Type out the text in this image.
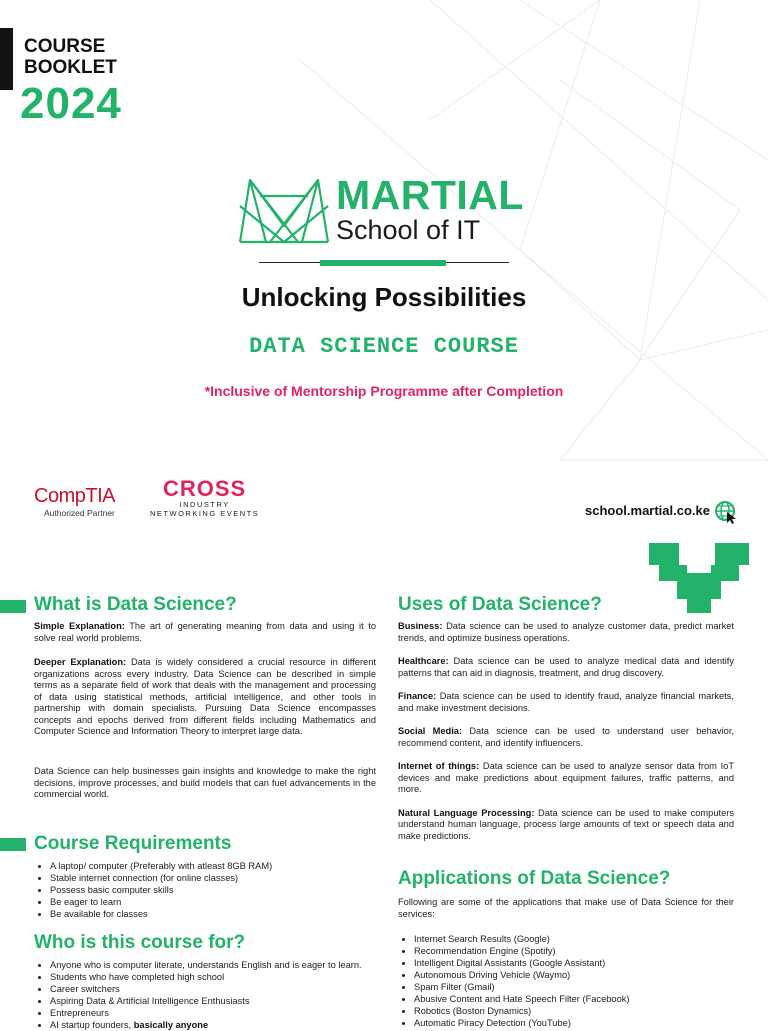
COURSE
BOOKLET
2024
MARTIAL
School of IT
Unlocking Possibilities
DATA SCIENCE COURSE
*Inclusive of Mentorship Programme after Completion
CompTIA
Authorized Partner
CROSS
INDUSTRY
NETWORKING EVENTS	school.martial.co.ke
What is Data Science?
Simple Explanation: The art of generating meaning from data and using it to solve real world problems.
Deeper Explanation: Data is widely considered a crucial resource in different organizations across every industry. Data Science can be described in simple terms as a separate field of work that deals with the management and processing of data using statistical methods, artificial intelligence, and other tools in partnership with domain specialists. Pursuing Data Science encompasses concepts and epochs derived from different fields including Mathematics and Computer Science and Information Theory to interpret large data.
Data Science can help businesses gain insights and knowledge to make the right decisions, improve processes, and build models that can fuel advancements in the commercial world.
Course Requirements
• A laptop/ computer (Preferably with atleast 8GB RAM)
• Stable internet connection (for online classes)
• Possess basic computer skills
• Be eager to learn
• Be available for classes
Who is this course for?
• Anyone who is computer literate, understands English and is eager to learn.
• Students who have completed high school
• Career switchers
• Aspiring Data & Artificial Intelligence Enthusiasts
• Entrepreneurs
• AI startup founders, basically anyone
Uses of Data Science?
Business: Data science can be used to analyze customer data, predict market trends, and optimize business operations.
Healthcare: Data science can be used to analyze medical data and identify patterns that can aid in diagnosis, treatment, and drug discovery.
Finance: Data science can be used to identify fraud, analyze financial markets, and make investment decisions.
Social Media: Data science can be used to understand user behavior, recommend content, and identify influencers.
Internet of things: Data science can be used to analyze sensor data from IoT devices and make predictions about equipment failures, traffic patterns, and more.
Natural Language Processing: Data science can be used to make computers understand human language, process large amounts of text or speech data and make predictions.
Applications of Data Science?
Following are some of the applications that make use of Data Science for their services:
• Internet Search Results (Google)
• Recommendation Engine (Spotify)
• Intelligent Digital Assistants (Google Assistant)
• Autonomous Driving Vehicle (Waymo)
• Spam Filter (Gmail)
• Abusive Content and Hate Speech Filter (Facebook)
• Robotics (Boston Dynamics)
• Automatic Piracy Detection (YouTube)
